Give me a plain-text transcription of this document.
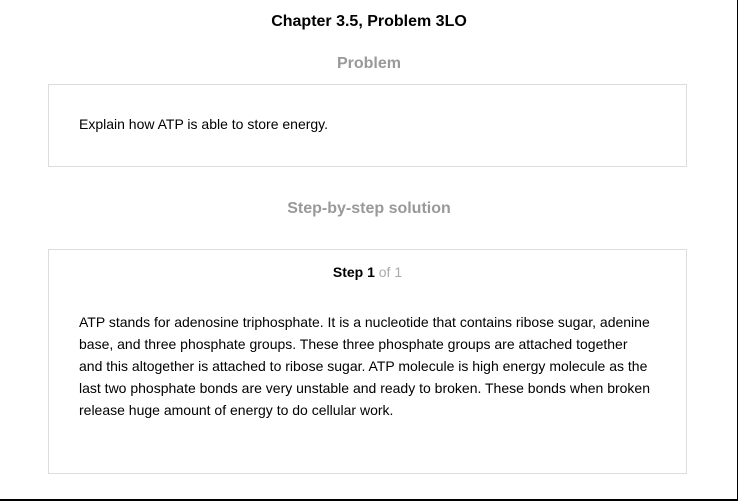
Chapter 3.5, Problem 3LO
Problem
Explain how ATP is able to store energy.
Step-by-step solution
Step 1 of 1

ATP stands for adenosine triphosphate. It is a nucleotide that contains ribose sugar, adenine base, and three phosphate groups. These three phosphate groups are attached together and this altogether is attached to ribose sugar. ATP molecule is high energy molecule as the last two phosphate bonds are very unstable and ready to broken. These bonds when broken release huge amount of energy to do cellular work.
